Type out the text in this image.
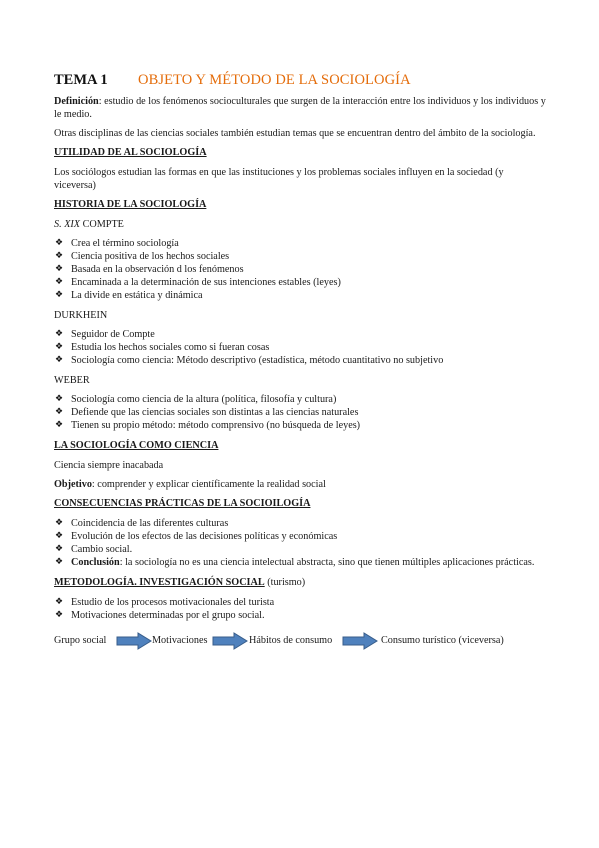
TEMA 1	OBJETO Y MÉTODO DE LA SOCIOLOGÍA

Definición: estudio de los fenómenos socioculturales que surgen de la interacción entre los individuos y los individuos y le medio.

Otras disciplinas de las ciencias sociales también estudian temas que se encuentran dentro del ámbito de la sociología.

UTILIDAD DE AL SOCIOLOGÍA

Los sociólogos estudian las formas en que las instituciones y los problemas sociales influyen en la sociedad (y viceversa)

HISTORIA DE LA SOCIOLOGÍA

S. XIX COMPTE

❖ Crea el término sociología
❖ Ciencia positiva de los hechos sociales
❖ Basada en la observación d los fenómenos
❖ Encaminada a la determinación de sus intenciones estables (leyes)
❖ La divide en estática y dinámica

DURKHEIN

❖ Seguidor de Compte
❖ Estudia los hechos sociales como si fueran cosas
❖ Sociología como ciencia: Método descriptivo (estadística, método cuantitativo no subjetivo

WEBER

❖ Sociología como ciencia de la altura (política, filosofía y cultura)
❖ Defiende que las ciencias sociales son distintas a las ciencias naturales
❖ Tienen su propio método: método comprensivo (no búsqueda de leyes)
LA SOCIOLOGÍA COMO CIENCIA

Ciencia siempre inacabada

Objetivo: comprender y explicar científicamente la realidad social

CONSECUENCIAS PRÁCTICAS DE LA SOCIOILOGÍA
❖ Coincidencia de las diferentes culturas
❖ Evolución de los efectos de las decisiones políticas y económicas
❖ Cambio social.
❖ Conclusión: la sociología no es una ciencia intelectual abstracta, sino que tienen múltiples aplicaciones prácticas.
METODOLOGÍA. INVESTIGACIÓN SOCIAL (turismo)
❖ Estudio de los procesos motivacionales del turista
❖ Motivaciones determinadas por el grupo social.
Grupo social	Motivaciones	Hábitos de consumo	Consumo turístico (viceversa)
